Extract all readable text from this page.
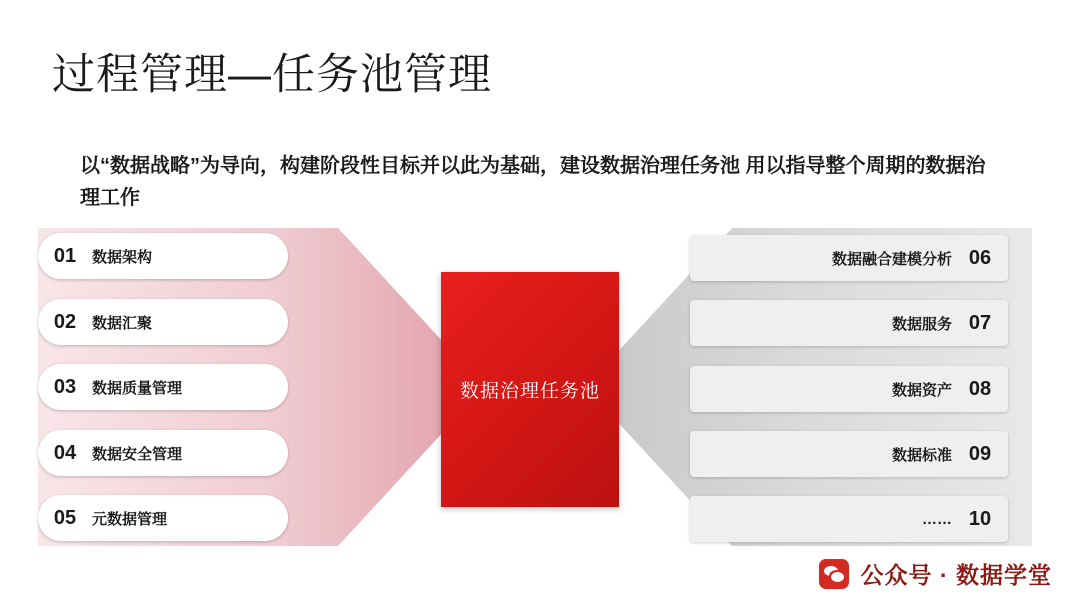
过程管理—任务池管理
以“数据战略”为导向，构建阶段性目标并以此为基础，建设数据治理任务池 用以指导整个周期的数据治理工作
01	数据架构
02	数据汇聚
03	数据质量管理
04	数据安全管理
05	元数据管理
数据融合建模分析 06
数据服务 07
数据资产 08
数据标准 09
…… 10
数据治理任务池
公众号 · 数据学堂
